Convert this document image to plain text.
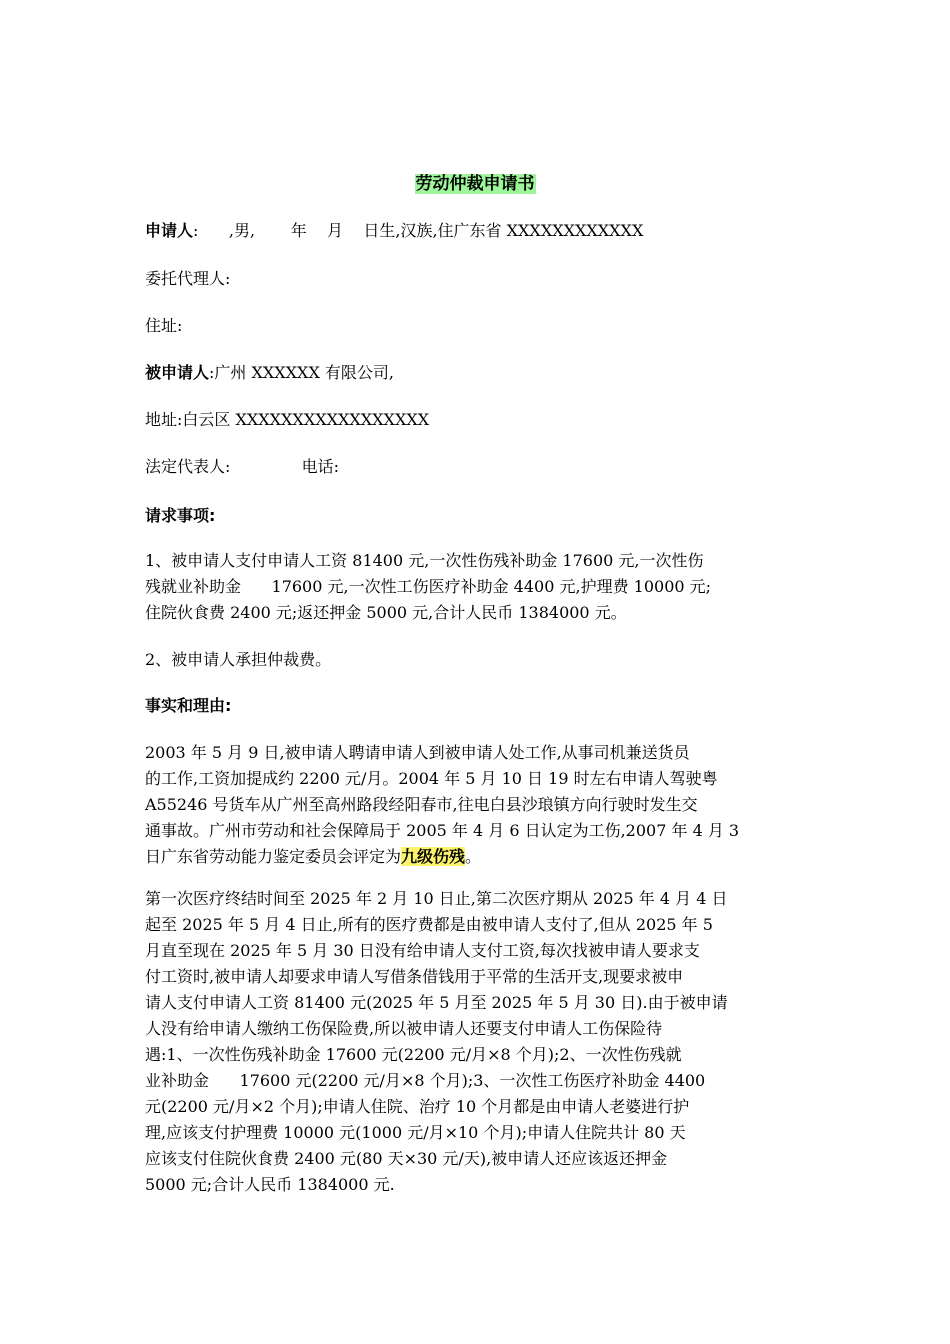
劳动仲裁申请书
申请人:      ,男,       年    月    日生,汉族,住广东省 XXXXXXXXXXXX
委托代理人:
住址:
被申请人:广州 XXXXXX 有限公司,
地址:白云区 XXXXXXXXXXXXXXXXX
法定代表人:              电话:
请求事项:
1、被申请人支付申请人工资 81400 元,一次性伤残补助金 17600 元,一次性伤
残就业补助金      17600 元,一次性工伤医疗补助金 4400 元,护理费 10000 元;
住院伙食费 2400 元;返还押金 5000 元,合计人民币 1384000 元。
2、被申请人承担仲裁费。
事实和理由:
2003 年 5 月 9 日,被申请人聘请申请人到被申请人处工作,从事司机兼送货员
的工作,工资加提成约 2200 元/月。2004 年 5 月 10 日 19 时左右申请人驾驶粤
A55246 号货车从广州至高州路段经阳春市,往电白县沙琅镇方向行驶时发生交
通事故。广州市劳动和社会保障局于 2005 年 4 月 6 日认定为工伤,2007 年 4 月 3
日广东省劳动能力鉴定委员会评定为九级伤残。
第一次医疗终结时间至 2025 年 2 月 10 日止,第二次医疗期从 2025 年 4 月 4 日
起至 2025 年 5 月 4 日止,所有的医疗费都是由被申请人支付了,但从 2025 年 5
月直至现在 2025 年 5 月 30 日没有给申请人支付工资,每次找被申请人要求支
付工资时,被申请人却要求申请人写借条借钱用于平常的生活开支,现要求被申
请人支付申请人工资 81400 元(2025 年 5 月至 2025 年 5 月 30 日).由于被申请
人没有给申请人缴纳工伤保险费,所以被申请人还要支付申请人工伤保险待
遇:1、一次性伤残补助金 17600 元(2200 元/月×8 个月);2、一次性伤残就
业补助金      17600 元(2200 元/月×8 个月);3、一次性工伤医疗补助金 4400
元(2200 元/月×2 个月);申请人住院、治疗 10 个月都是由申请人老婆进行护
理,应该支付护理费 10000 元(1000 元/月×10 个月);申请人住院共计 80 天
应该支付住院伙食费 2400 元(80 天×30 元/天),被申请人还应该返还押金
5000 元;合计人民币 1384000 元.
